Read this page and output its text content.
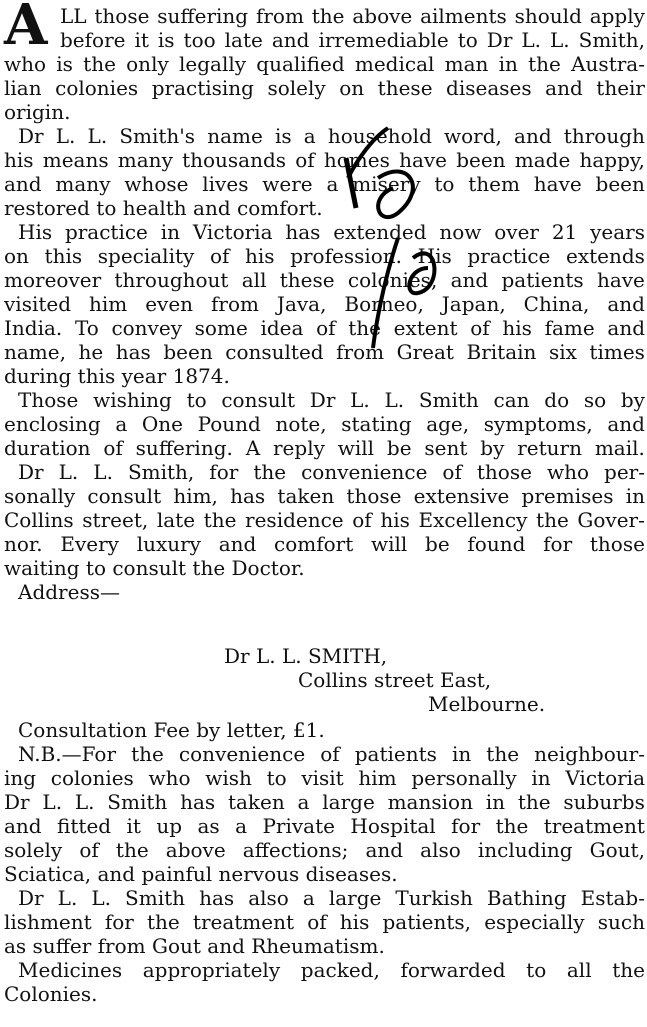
A LL those suffering from the above ailments should apply
before it is too late and irremediable to Dr L. L. Smith,
who is the only legally qualified medical man in the Austra-
lian colonies practising solely on these diseases and their
origin.
Dr L. L. Smith's name is a household word, and through
his means many thousands of homes have been made happy,
and many whose lives were a misery to them have been
restored to health and comfort.
His practice in Victoria has extended now over 21 years
on this speciality of his profession. His practice extends
moreover throughout all these colonies, and patients have
visited him even from Java, Borneo, Japan, China, and
India. To convey some idea of the extent of his fame and
name, he has been consulted from Great Britain six times
during this year 1874.
Those wishing to consult Dr L. L. Smith can do so by
enclosing a One Pound note, stating age, symptoms, and
duration of suffering. A reply will be sent by return mail.
Dr L. L. Smith, for the convenience of those who per-
sonally consult him, has taken those extensive premises in
Collins street, late the residence of his Excellency the Gover-
nor. Every luxury and comfort will be found for those
waiting to consult the Doctor.
Address—
Dr L. L. SMITH,
Collins street East,
Melbourne.
Consultation Fee by letter, £1.
N.B.—For the convenience of patients in the neighbour-
ing colonies who wish to visit him personally in Victoria
Dr L. L. Smith has taken a large mansion in the suburbs
and fitted it up as a Private Hospital for the treatment
solely of the above affections; and also including Gout,
Sciatica, and painful nervous diseases.
Dr L. L. Smith has also a large Turkish Bathing Estab-
lishment for the treatment of his patients, especially such
as suffer from Gout and Rheumatism.
Medicines appropriately packed, forwarded to all the
Colonies.
